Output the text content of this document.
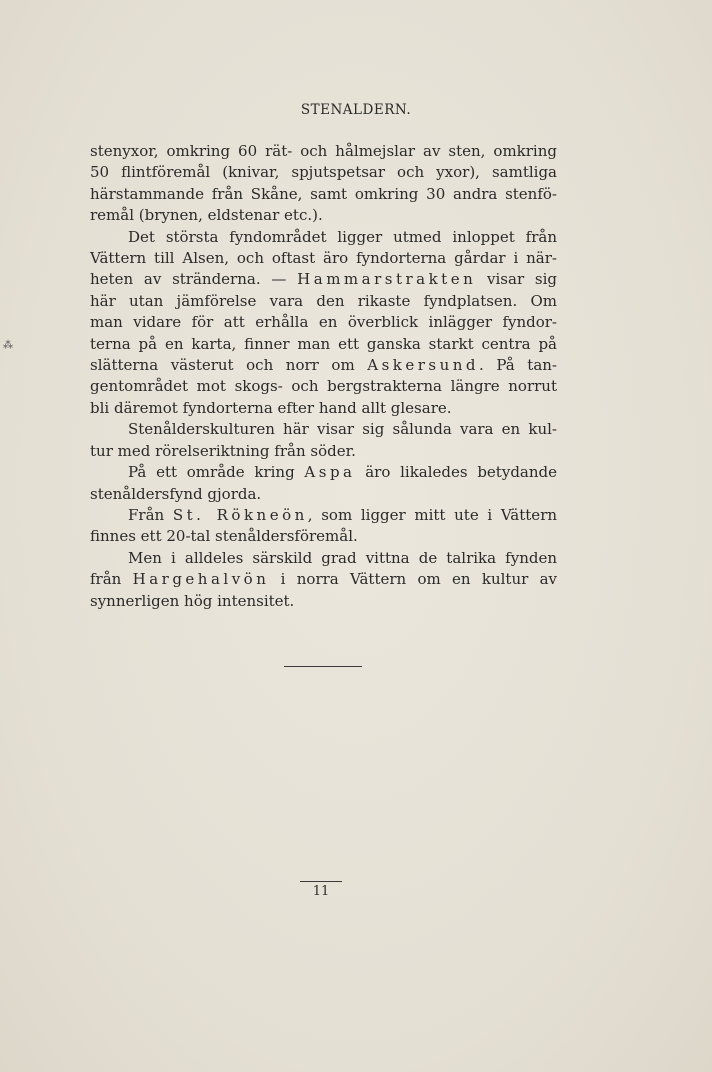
STENALDERN.
stenyxor, omkring 60 rät- och hålmejslar av sten, omkring
50 flintföremål (knivar, spjutspetsar och yxor), samtliga
härstammande från Skåne, samt omkring 30 andra stenfö-
remål (brynen, eldstenar etc.).
Det största fyndområdet ligger utmed inloppet från
Vättern till Alsen, och oftast äro fyndorterna gårdar i när-
heten av stränderna. — Hammarstrakten visar sig
här utan jämförelse vara den rikaste fyndplatsen. Om
man vidare för att erhålla en överblick inlägger fyndor-
terna på en karta, finner man ett ganska starkt centra på
slätterna västerut och norr om Askersund. På tan-
gentområdet mot skogs- och bergstrakterna längre norrut
bli däremot fyndorterna efter hand allt glesare.
Stenålderskulturen här visar sig sålunda vara en kul-
tur med rörelseriktning från söder.
På ett område kring Aspa äro likaledes betydande
stenåldersfynd gjorda.
Från St. Rökneön, som ligger mitt ute i Vättern
finnes ett 20-tal stenåldersföremål.
Men i alldeles särskild grad vittna de talrika fynden
från Hargehalvön i norra Vättern om en kultur av
synnerligen hög intensitet.
11
⁂
